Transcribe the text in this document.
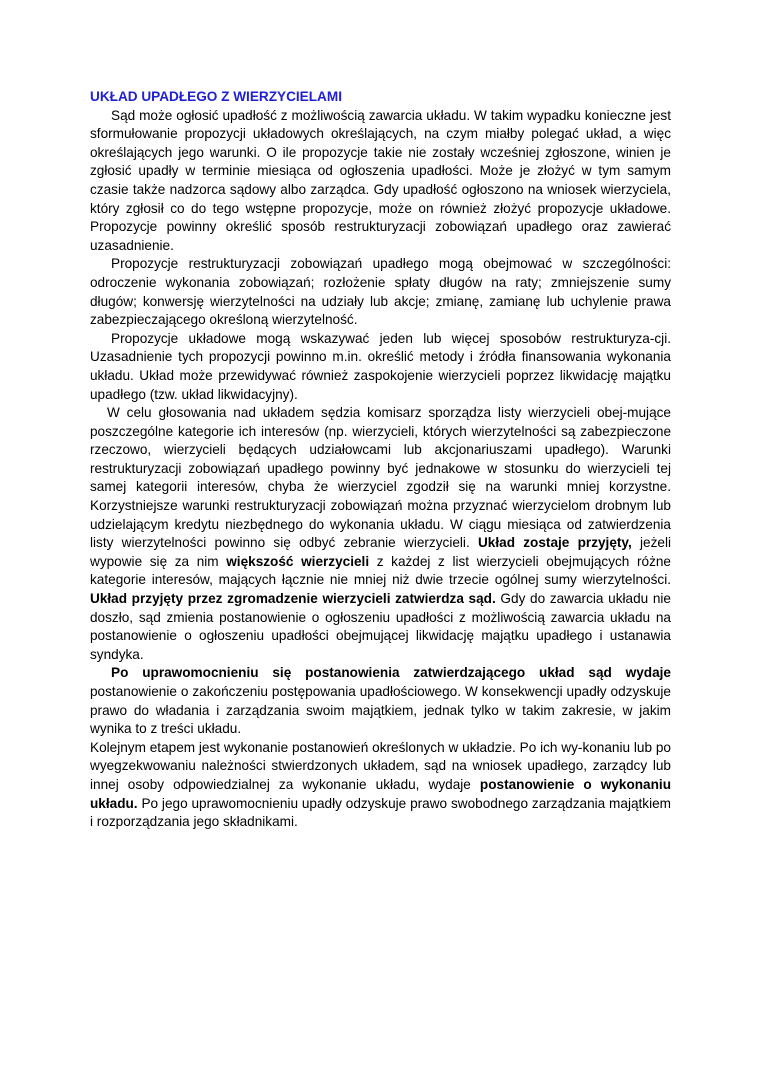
UKŁAD UPADŁEGO Z WIERZYCIELAMI

Sąd może ogłosić upadłość z możliwością zawarcia układu. W takim wypadku konieczne jest sformułowanie propozycji układowych określających, na czym miałby polegać układ, a więc określających jego warunki. O ile propozycje takie nie zostały wcześniej zgłoszone, winien je zgłosić upadły w terminie miesiąca od ogłoszenia upadłości. Może je złożyć w tym samym czasie także nadzorca sądowy albo zarządca. Gdy upadłość ogłoszono na wniosek wierzyciela, który zgłosił co do tego wstępne propozycje, może on również złożyć propozycje układowe. Propozycje powinny określić sposób restrukturyzacji zobowiązań upadłego oraz zawierać uzasadnienie.

Propozycje restrukturyzacji zobowiązań upadłego mogą obejmować w szczególności: odroczenie wykonania zobowiązań; rozłożenie spłaty długów na raty; zmniejszenie sumy długów; konwersję wierzytelności na udziały lub akcje; zmianę, zamianę lub uchylenie prawa zabezpieczającego określoną wierzytelność.

Propozycje układowe mogą wskazywać jeden lub więcej sposobów restrukturyza-cji. Uzasadnienie tych propozycji powinno m.in. określić metody i źródła finansowania wykonania układu. Układ może przewidywać również zaspokojenie wierzycieli poprzez likwidację majątku upadłego (tzw. układ likwidacyjny).

W celu głosowania nad układem sędzia komisarz sporządza listy wierzycieli obej-mujące poszczególne kategorie ich interesów (np. wierzycieli, których wierzytelności są zabezpieczone rzeczowo, wierzycieli będących udziałowcami lub akcjonariuszami upadłego). Warunki restrukturyzacji zobowiązań upadłego powinny być jednakowe w stosunku do wierzycieli tej samej kategorii interesów, chyba że wierzyciel zgodził się na warunki mniej korzystne. Korzystniejsze warunki restrukturyzacji zobowiązań można przyznać wierzycielom drobnym lub udzielającym kredytu niezbędnego do wykonania układu. W ciągu miesiąca od zatwierdzenia listy wierzytelności powinno się odbyć zebranie wierzycieli. Układ zostaje przyjęty, jeżeli wypowie się za nim większość wierzycieli z każdej z list wierzycieli obejmujących różne kategorie interesów, mających łącznie nie mniej niż dwie trzecie ogólnej sumy wierzytelności. Układ przyjęty przez zgromadzenie wierzycieli zatwierdza sąd. Gdy do zawarcia układu nie doszło, sąd zmienia postanowienie o ogłoszeniu upadłości z możliwością zawarcia układu na postanowienie o ogłoszeniu upadłości obejmującej likwidację majątku upadłego i ustanawia syndyka.

Po uprawomocnieniu się postanowienia zatwierdzającego układ sąd wydaje postanowienie o zakończeniu postępowania upadłościowego. W konsekwencji upadły odzyskuje prawo do władania i zarządzania swoim majątkiem, jednak tylko w takim zakresie, w jakim wynika to z treści układu.

Kolejnym etapem jest wykonanie postanowień określonych w układzie. Po ich wy-konaniu lub po wyegzekwowaniu należności stwierdzonych układem, sąd na wniosek upadłego, zarządcy lub innej osoby odpowiedzialnej za wykonanie układu, wydaje postanowienie o wykonaniu układu. Po jego uprawomocnieniu upadły odzyskuje prawo swobodnego zarządzania majątkiem i rozporządzania jego składnikami.
